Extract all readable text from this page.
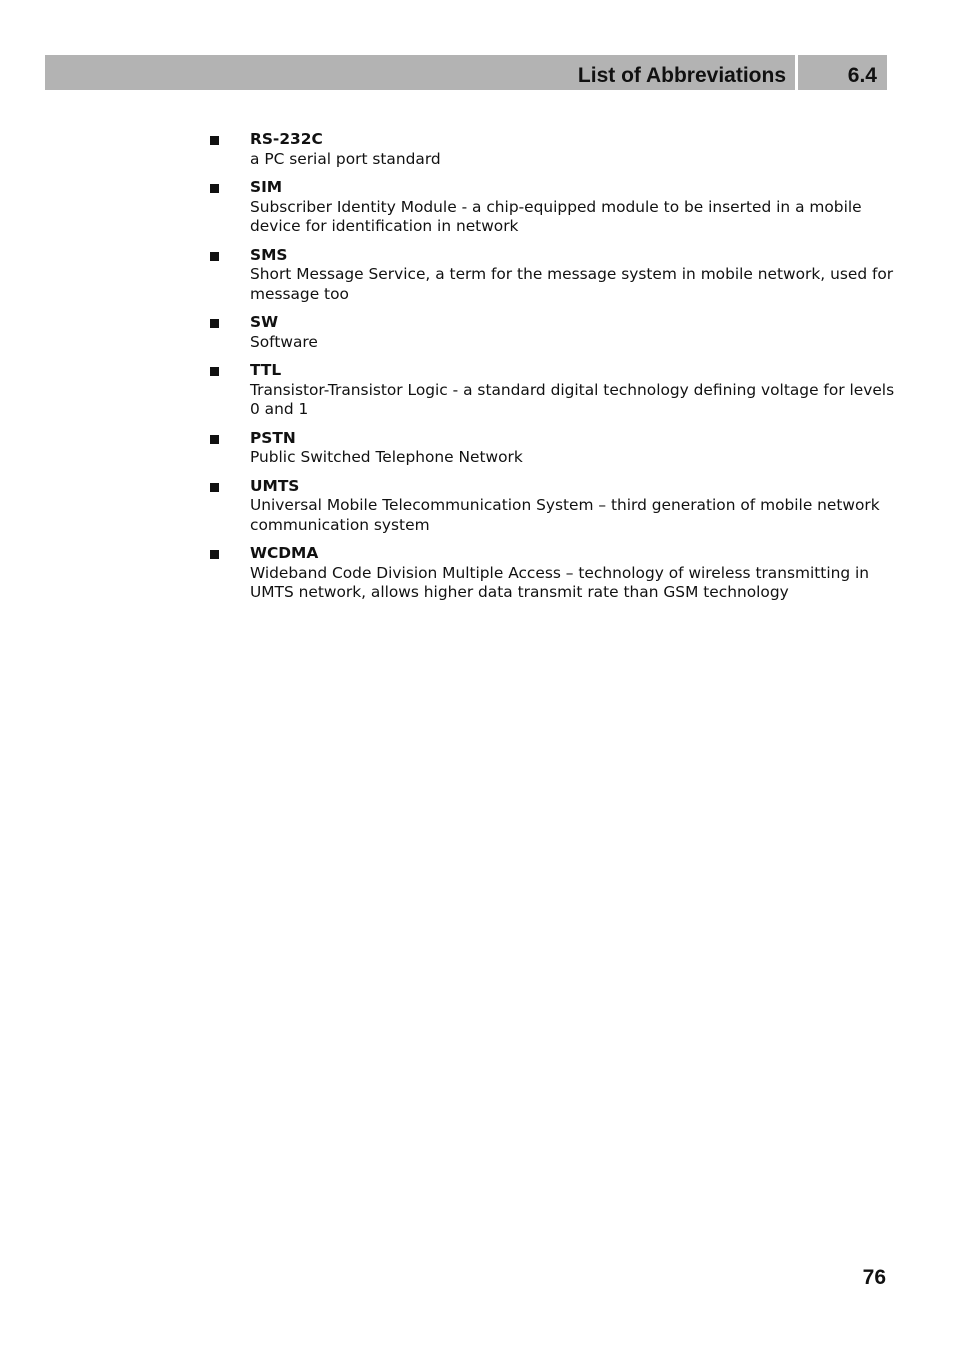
List of Abbreviations	6.4
RS-232C
a PC serial port standard
SIM
Subscriber Identity Module - a chip-equipped module to be inserted in a mobile device for identification in network
SMS
Short Message Service, a term for the message system in mobile network, used for message too
SW
Software
TTL
Transistor-Transistor Logic - a standard digital technology defining voltage for levels 0 and 1
PSTN
Public Switched Telephone Network
UMTS
Universal Mobile Telecommunication System – third generation of mobile network communication system
WCDMA
Wideband Code Division Multiple Access – technology of wireless transmitting in UMTS network, allows higher data transmit rate than GSM technology
76
